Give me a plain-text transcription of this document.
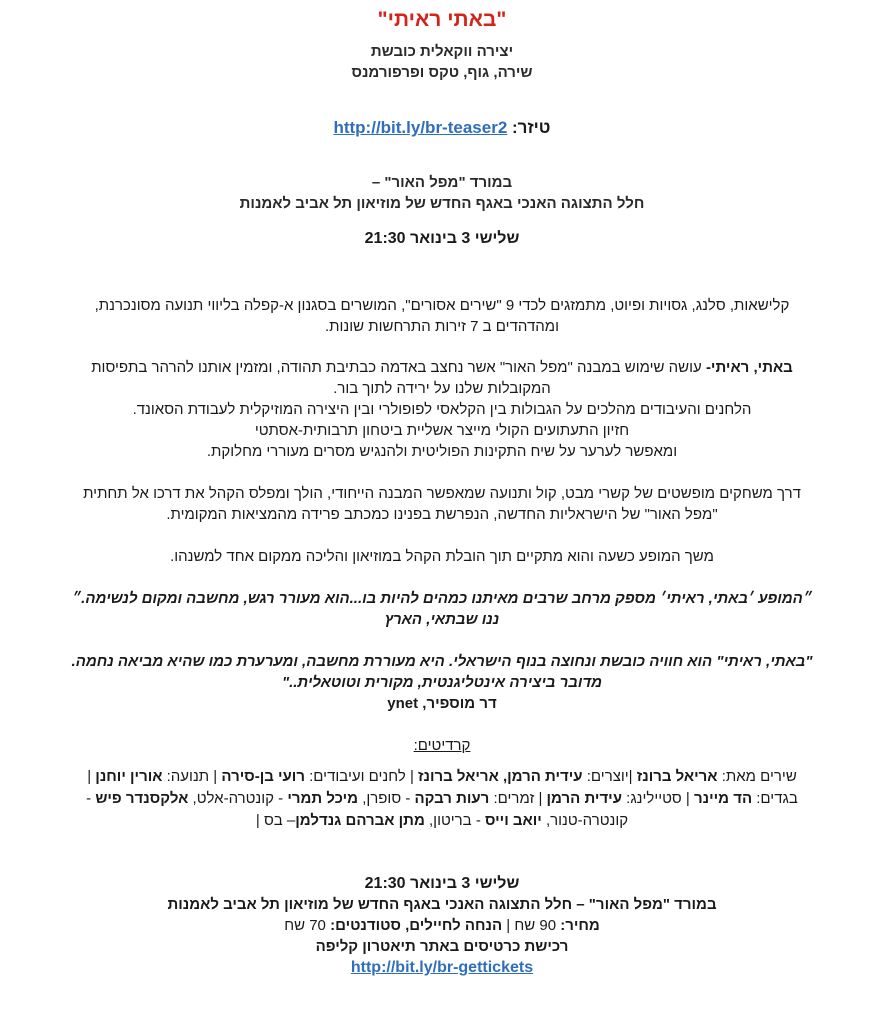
"באתי ראיתי"
יצירה ווקאלית כובשת
שירה, גוף, טקס ופרפורמנס
טיזר: http://bit.ly/br-teaser2
במורד "מפל האור" –
חלל התצוגה האנכי באגף החדש של מוזיאון תל אביב לאמנות
שלישי 3 בינואר 21:30
קלישאות, סלנג, גסויות ופיוט, מתמזגים לכדי 9 "שירים אסורים", המושרים בסגנון א-קפלה בליווי תנועה מסונכרנת,
ומהדהדים ב 7 זירות התרחשות שונות.
באתי, ראיתי- עושה שימוש במבנה "מפל האור" אשר נחצב באדמה כבתיבת תהודה, ומזמין אותנו להרהר בתפיסות
המקובלות שלנו על ירידה לתוך בור.
הלחנים והעיבודים מהלכים על הגבולות בין הקלאסי לפופולרי ובין היצירה המוזיקלית לעבודת הסאונד.
חזיון התעתועים הקולי מייצר אשליית ביטחון תרבותית-אסתטי
ומאפשר לערער על שיח התקינות הפוליטית ולהנגיש מסרים מעוררי מחלוקת.
דרך משחקים מופשטים של קשרי מבט, קול ותנועה שמאפשר המבנה הייחודי, הולך ומפלס הקהל את דרכו אל תחתית
"מפל האור" של הישראליות החדשה, הנפרשת בפנינו כמכתב פרידה מהמציאות המקומית.
משך המופע כשעה והוא מתקיים תוך הובלת הקהל במוזיאון והליכה ממקום אחד למשנהו.
״המופע ׳באתי, ראיתי׳ מספק מרחב שרבים מאיתנו כמהים להיות בו...הוא מעורר רגש, מחשבה ומקום לנשימה.״
ננו שבתאי, הארץ
"באתי, ראיתי" הוא חוויה כובשת ונחוצה בנוף הישראלי. היא מעוררת מחשבה, ומערערת כמו שהיא מביאה נחמה.
מדובר ביצירה אינטליגנטית, מקורית וטוטאלית.."
דר מוספיר, ynet
קרדיטים:
שירים מאת: אריאל ברונז |יוצרים: עידית הרמן, אריאל ברונז | לחנים ועיבודים: רועי בן-סירה | תנועה: אורין יוחנן |
בגדים: הד מיינר | סטיילינג: עידית הרמן | זמרים: רעות רבקה - סופרן, מיכל תמרי - קונטרה-אלט, אלקסנדר פיש -
קונטרה-טנור, יואב וייס - בריטון, מתן אברהם גנדלמן– בס |
שלישי 3 בינואר 21:30
במורד "מפל האור" – חלל התצוגה האנכי באגף החדש של מוזיאון תל אביב לאמנות
מחיר: 90 שח | הנחה לחיילים, סטודנטים: 70 שח
רכישת כרטיסים באתר תיאטרון קליפה
http://bit.ly/br-gettickets
